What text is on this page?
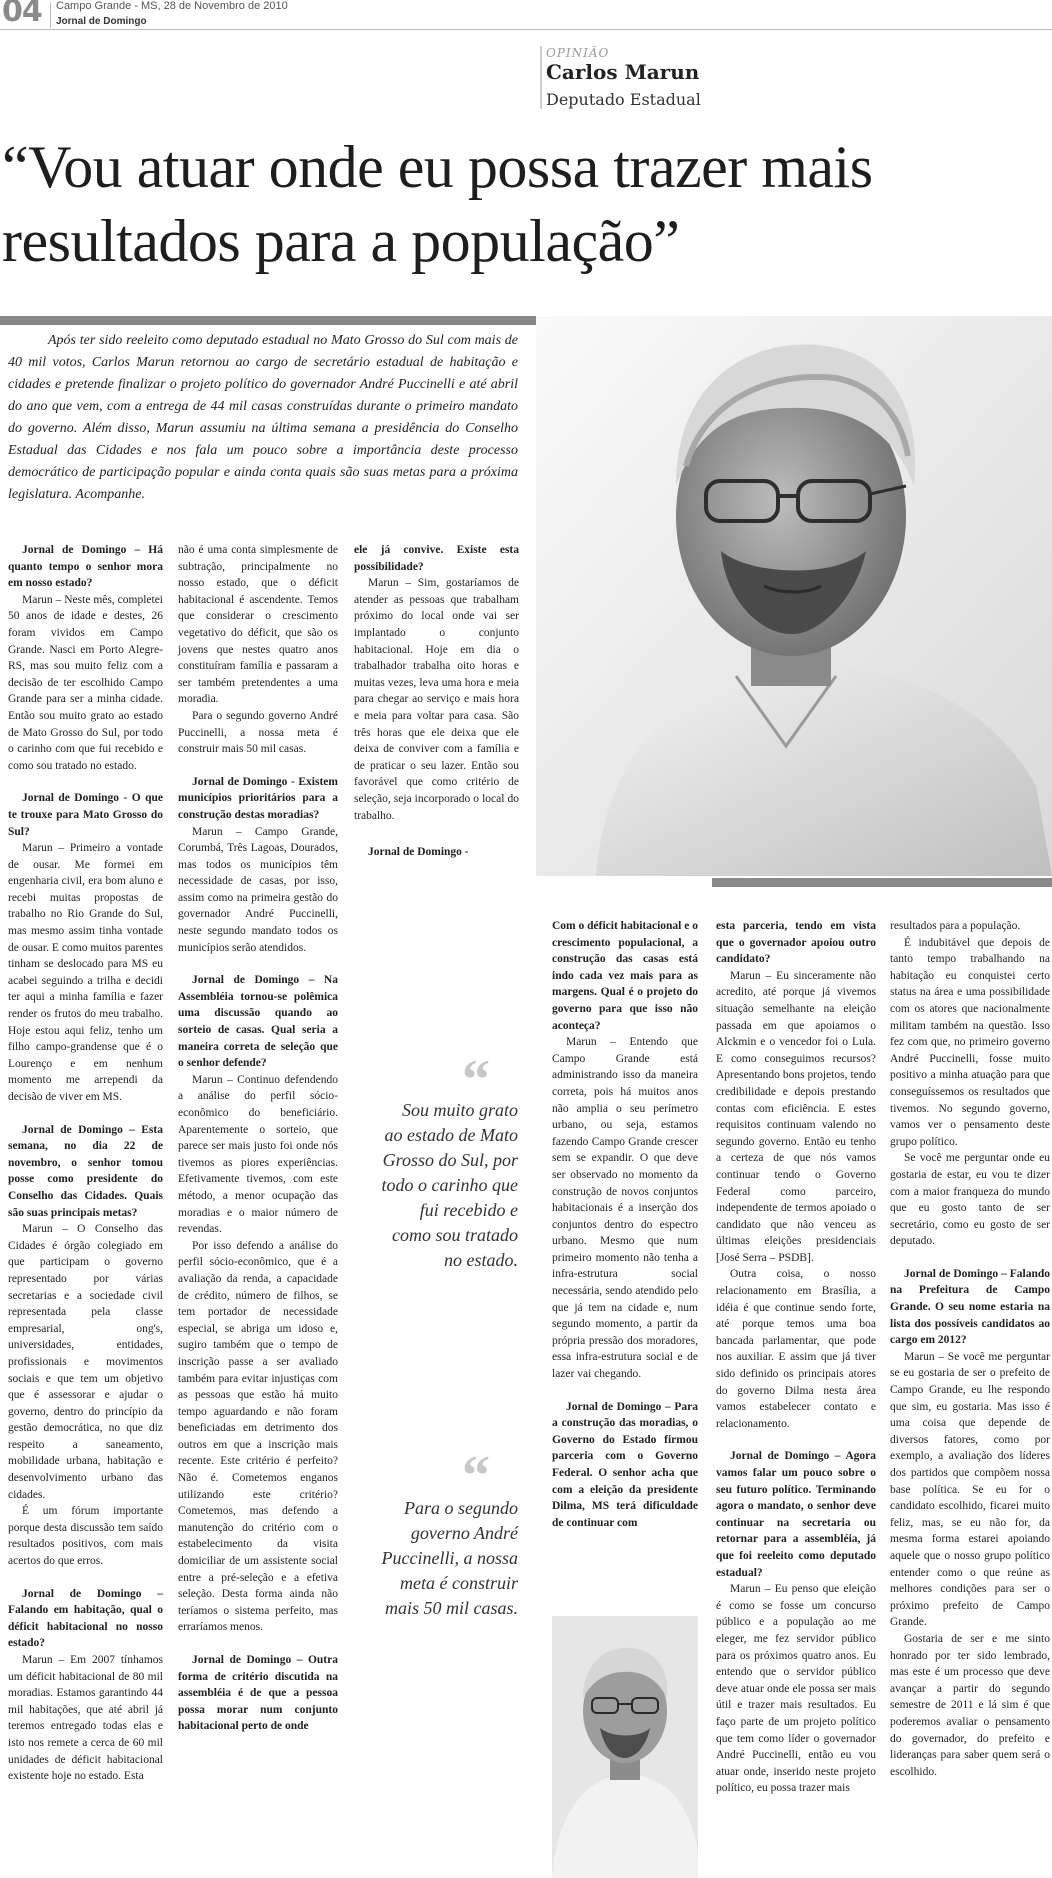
04 Campo Grande - MS, 28 de Novembro de 2010
Jornal de Domingo
OPINIÃO
Carlos Marun
Deputado Estadual
“Vou atuar onde eu possa trazer mais resultados para a população”

Após ter sido reeleito como deputado estadual no Mato Grosso do Sul com mais de 40 mil votos, Carlos Marun retornou ao cargo de secretário estadual de habitação e cidades e pretende finalizar o projeto político do governador André Puccinelli e até abril do ano que vem, com a entrega de 44 mil casas construídas durante o primeiro mandato do governo. Além disso, Marun assumiu na última semana a presidência do Conselho Estadual das Cidades e nos fala um pouco sobre a importância deste processo democrático de participação popular e ainda conta quais são suas metas para a próxima legislatura. Acompanhe.

Jornal de Domingo – Há quanto tempo o senhor mora em nosso estado?

Marun – Neste mês, completei 50 anos de idade e destes, 26 foram vividos em Campo Grande. Nasci em Porto Alegre-RS, mas sou muito feliz com a decisão de ter escolhido Campo Grande para ser a minha cidade. Então sou muito grato ao estado de Mato Grosso do Sul, por todo o carinho com que fui recebido e como sou tratado no estado.

Jornal de Domingo - O que te trouxe para Mato Grosso do Sul?

Marun – Primeiro a vontade de ousar. Me formei em engenharia civil, era bom aluno e recebi muitas propostas de trabalho no Rio Grande do Sul, mas mesmo assim tinha vontade de ousar. E como muitos parentes tinham se deslocado para MS eu acabei seguindo a trilha e decidi ter aqui a minha família e fazer render os frutos do meu trabalho. Hoje estou aqui feliz, tenho um filho campo-grandense que é o Lourenço e em nenhum momento me arrependi da decisão de viver em MS.

Jornal de Domingo – Esta semana, no dia 22 de novembro, o senhor tomou posse como presidente do Conselho das Cidades. Quais são suas principais metas?

Marun – O Conselho das Cidades é órgão colegiado em que participam o governo representado por várias secretarias e a sociedade civil representada pela classe empresarial, ong's, universidades, entidades, profissionais e movimentos sociais e que tem um objetivo que é assessorar e ajudar o governo, dentro do princípio da gestão democrática, no que diz respeito a saneamento, mobilidade urbana, habitação e desenvolvimento urbano das cidades.

É um fórum importante porque desta discussão tem saído resultados positivos, com mais acertos do que erros.

Jornal de Domingo – Falando em habitação, qual o déficit habitacional no nosso estado?

Marun – Em 2007 tínhamos um déficit habitacional de 80 mil moradias. Estamos garantindo 44 mil habitações, que até abril já teremos entregado todas elas e isto nos remete a cerca de 60 mil unidades de déficit habitacional existente hoje no estado. Esta

não é uma conta simplesmente de subtração, principalmente no nosso estado, que o déficit habitacional é ascendente. Temos que considerar o crescimento vegetativo do déficit, que são os jovens que nestes quatro anos constituíram família e passaram a ser também pretendentes a uma moradia.

Para o segundo governo André Puccinelli, a nossa meta é construir mais 50 mil casas.

Jornal de Domingo - Existem municípios prioritários para a construção destas moradias?

Marun – Campo Grande, Corumbá, Três Lagoas, Dourados, mas todos os municípios têm necessidade de casas, por isso, assim como na primeira gestão do governador André Puccinelli, neste segundo mandato todos os municípios serão atendidos.

Jornal de Domingo – Na Assembléia tornou-se polêmica uma discussão quando ao sorteio de casas. Qual seria a maneira correta de seleção que o senhor defende?

Marun – Continuo defendendo a análise do perfil sócio-econômico do beneficiário. Aparentemente o sorteio, que parece ser mais justo foi onde nós tivemos as piores experiências. Efetivamente tivemos, com este método, a menor ocupação das moradias e o maior número de revendas.

Por isso defendo a análise do perfil sócio-econômico, que é a avaliação da renda, a capacidade de crédito, número de filhos, se tem portador de necessidade especial, se abriga um idoso e, sugiro também que o tempo de inscrição passe a ser avaliado também para evitar injustiças com as pessoas que estão há muito tempo aguardando e não foram beneficiadas em detrimento dos outros em que a inscrição mais recente. Este critério é perfeito? Não é. Cometemos enganos utilizando este critério? Cometemos, mas defendo a manutenção do critério com o estabelecimento da visita domiciliar de um assistente social entre a pré-seleção e a efetiva seleção. Desta forma ainda não teríamos o sistema perfeito, mas erraríamos menos.

Jornal de Domingo – Outra forma de critério discutida na assembléia é de que a pessoa possa morar num conjunto habitacional perto de onde

ele já convive. Existe esta possibilidade?

Marun – Sim, gostaríamos de atender as pessoas que trabalham próximo do local onde vai ser implantado o conjunto habitacional. Hoje em dia o trabalhador trabalha oito horas e muitas vezes, leva uma hora e meia para chegar ao serviço e mais hora e meia para voltar para casa. São três horas que ele deixa que ele deixa de conviver com a família e de praticar o seu lazer. Então sou favorável que como critério de seleção, seja incorporado o local do trabalho.

Jornal de Domingo -

“
Sou muito grato ao estado de Mato Grosso do Sul, por todo o carinho que fui recebido e como sou tratado no estado.
“
Para o segundo governo André Puccinelli, a nossa meta é construir mais 50 mil casas.

Com o déficit habitacional e o crescimento populacional, a construção das casas está indo cada vez mais para as margens. Qual é o projeto do governo para que isso não aconteça?

Marun – Entendo que Campo Grande está administrando isso da maneira correta, pois há muitos anos não amplia o seu perímetro urbano, ou seja, estamos fazendo Campo Grande crescer sem se expandir. O que deve ser observado no momento da construção de novos conjuntos habitacionais é a inserção dos conjuntos dentro do espectro urbano. Mesmo que num primeiro momento não tenha a infra-estrutura social necessária, sendo atendido pelo que já tem na cidade e, num segundo momento, a partir da própria pressão dos moradores, essa infra-estrutura social e de lazer vai chegando.

Jornal de Domingo – Para a construção das moradias, o Governo do Estado firmou parceria com o Governo Federal. O senhor acha que com a eleição da presidente Dilma, MS terá dificuldade de continuar com

esta parceria, tendo em vista que o governador apoiou outro candidato?

Marun – Eu sinceramente não acredito, até porque já vivemos situação semelhante na eleição passada em que apoiamos o Alckmin e o vencedor foi o Lula. E como conseguimos recursos? Apresentando bons projetos, tendo credibilidade e depois prestando contas com eficiência. E estes requisitos continuam valendo no segundo governo. Então eu tenho a certeza de que nós vamos continuar tendo o Governo Federal como parceiro, independente de termos apoiado o candidato que não venceu as últimas eleições presidenciais [José Serra – PSDB].

Outra coisa, o nosso relacionamento em Brasília, a idéia é que continue sendo forte, até porque temos uma boa bancada parlamentar, que pode nos auxiliar. E assim que já tiver sido definido os principais atores do governo Dilma nesta área vamos estabelecer contato e relacionamento.

Jornal de Domingo – Agora vamos falar um pouco sobre o seu futuro político. Terminando agora o mandato, o senhor deve continuar na secretaria ou retornar para a assembléia, já que foi reeleito como deputado estadual?

Marun – Eu penso que eleição é como se fosse um concurso público e a população ao me eleger, me fez servidor público para os próximos quatro anos. Eu entendo que o servidor público deve atuar onde ele possa ser mais útil e trazer mais resultados. Eu faço parte de um projeto político que tem como líder o governador André Puccinelli, então eu vou atuar onde, inserido neste projeto político, eu possa trazer mais

resultados para a população.

É indubitável que depois de tanto tempo trabalhando na habitação eu conquistei certo status na área e uma possibilidade com os atores que nacionalmente militam também na questão. Isso fez com que, no primeiro governo André Puccinelli, fosse muito positivo a minha atuação para que conseguíssemos os resultados que tivemos. No segundo governo, vamos ver o pensamento deste grupo político.

Se você me perguntar onde eu gostaria de estar, eu vou te dizer com a maior franqueza do mundo que eu gosto tanto de ser secretário, como eu gosto de ser deputado.

Jornal de Domingo – Falando na Prefeitura de Campo Grande. O seu nome estaria na lista dos possíveis candidatos ao cargo em 2012?

Marun – Se você me perguntar se eu gostaria de ser o prefeito de Campo Grande, eu lhe respondo que sim, eu gostaria. Mas isso é uma coisa que depende de diversos fatores, como por exemplo, a avaliação dos líderes dos partidos que compõem nossa base política. Se eu for o candidato escolhido, ficarei muito feliz, mas, se eu não for, da mesma forma estarei apoiando aquele que o nosso grupo político entender como o que reúne as melhores condições para ser o próximo prefeito de Campo Grande.

Gostaria de ser e me sinto honrado por ter sido lembrado, mas este é um processo que deve avançar a partir do segundo semestre de 2011 e lá sim é que poderemos avaliar o pensamento do governador, do prefeito e lideranças para saber quem será o escolhido.
